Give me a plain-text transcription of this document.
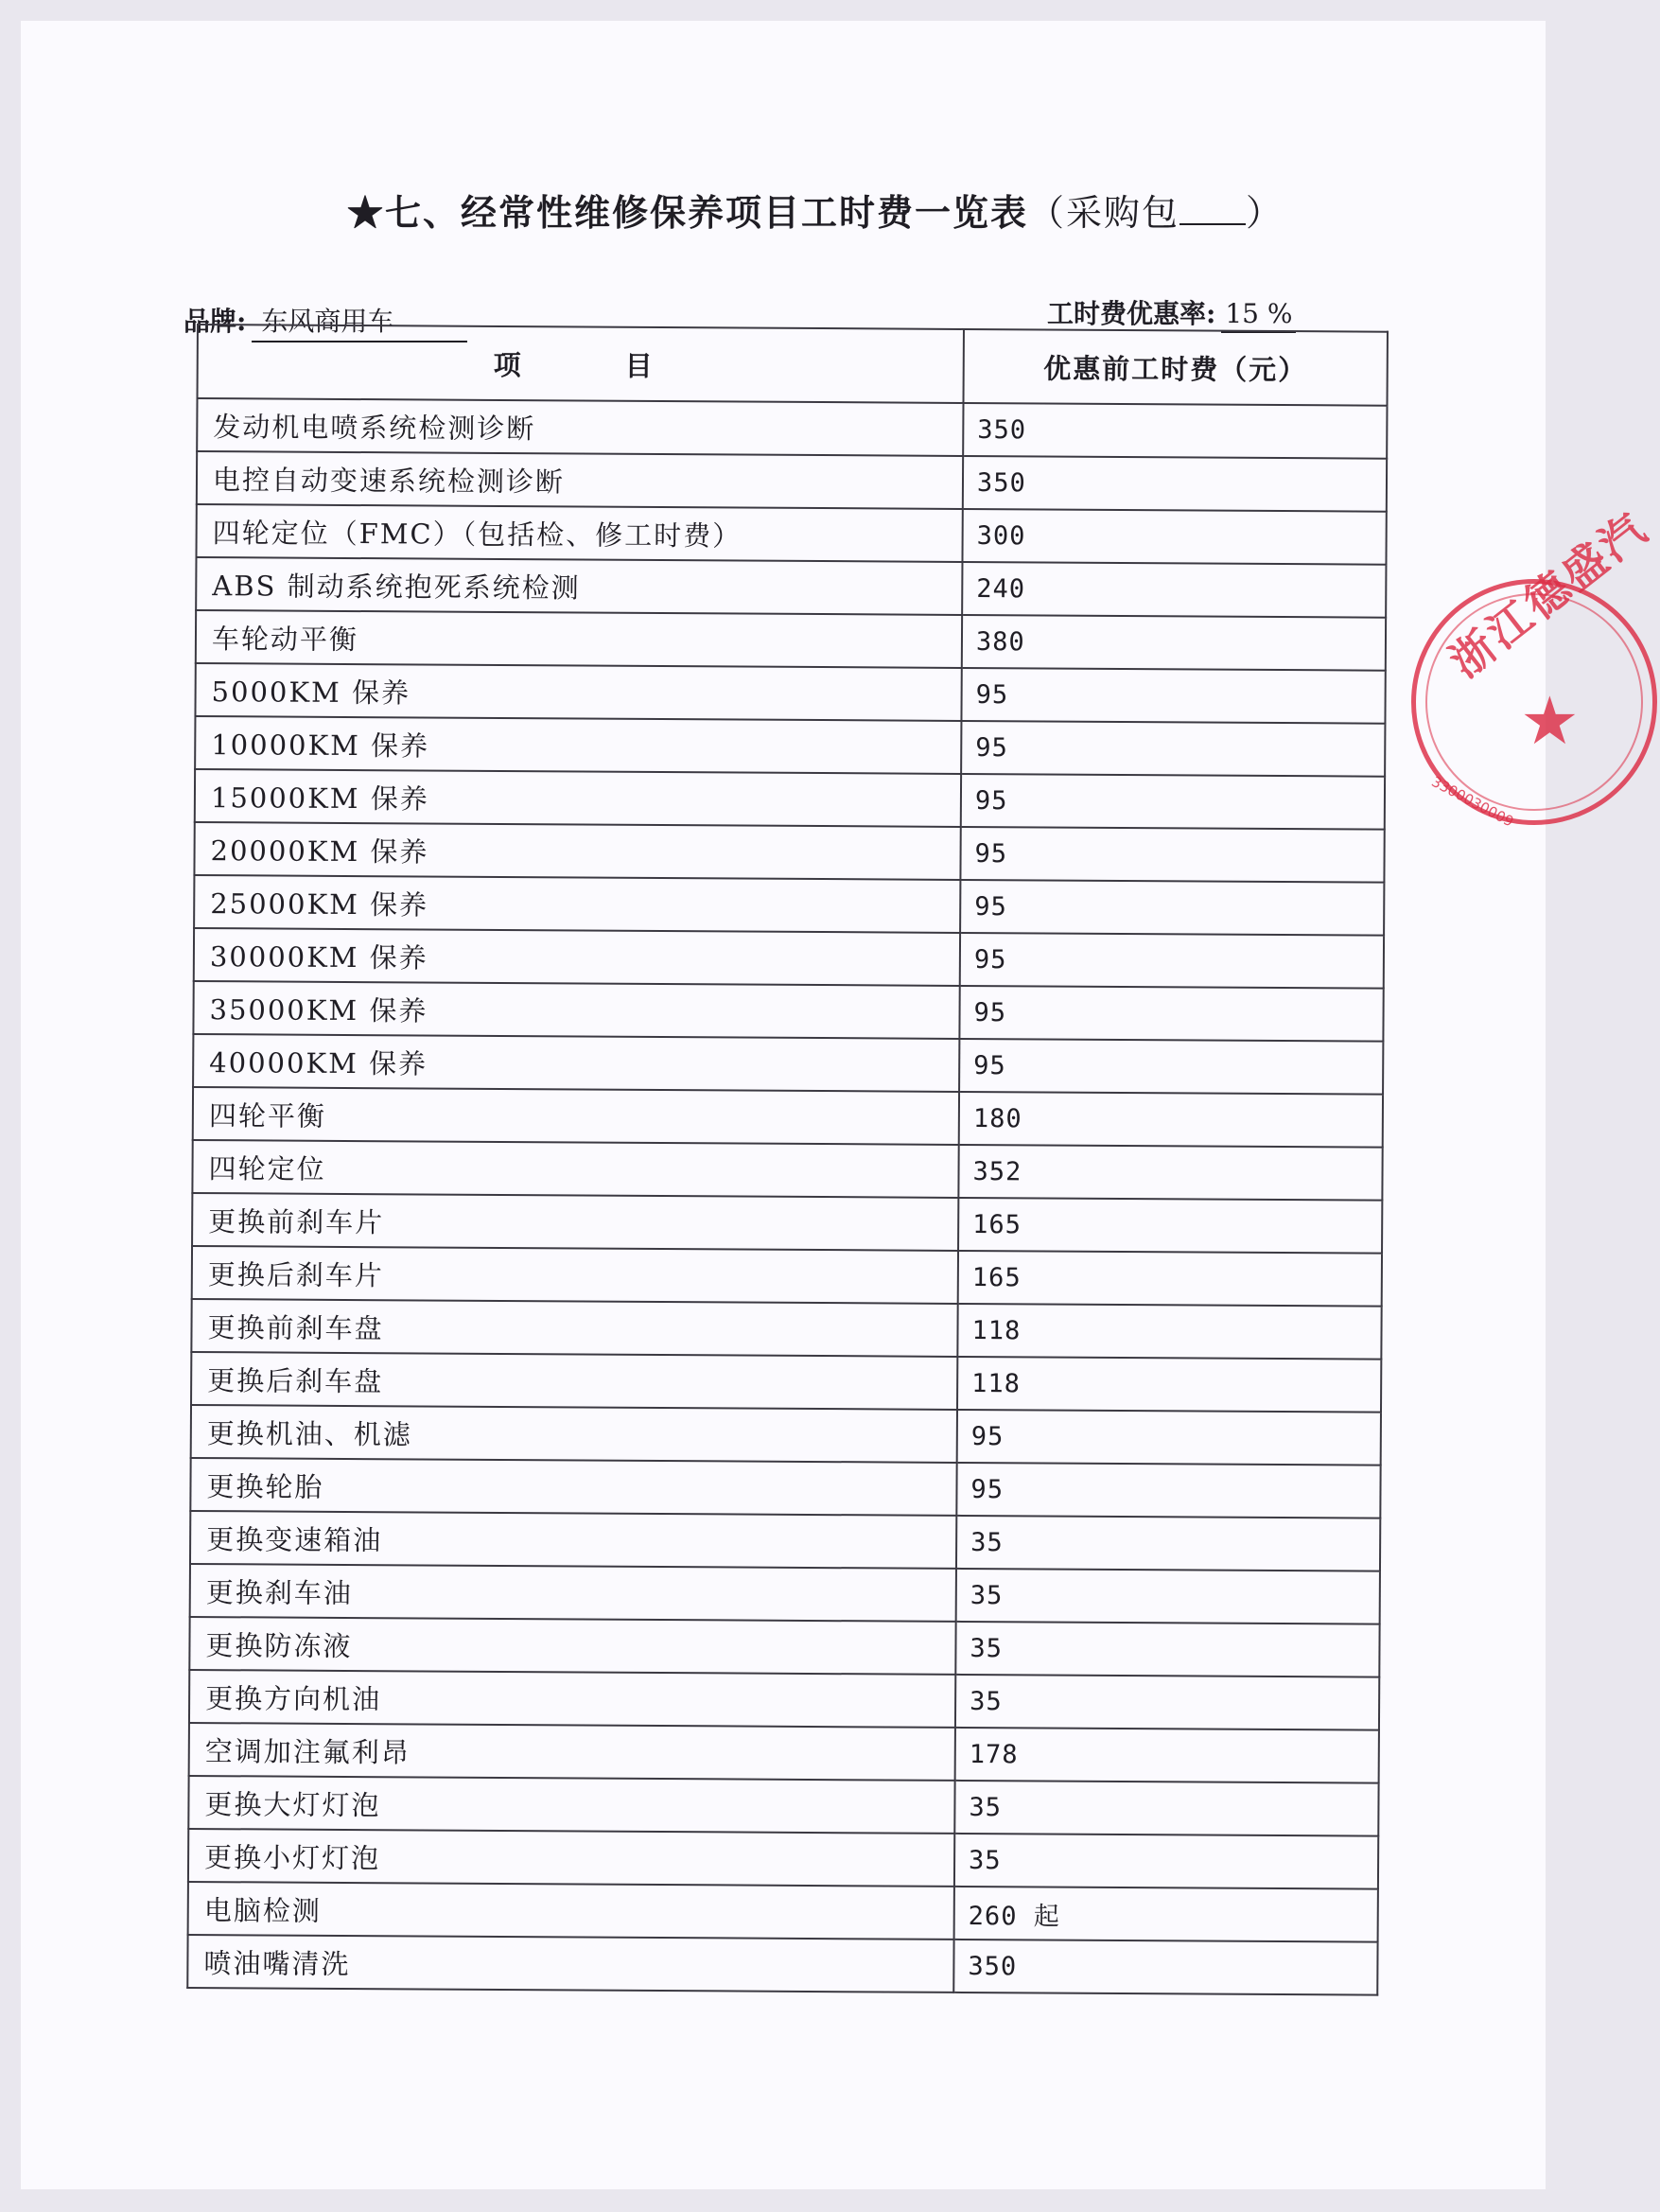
★七、经常性维修保养项目工时费一览表（采购包 ）
品牌: 东风商用车	工时费优惠率: 15 %
项目	优惠前工时费（元）
发动机电喷系统检测诊断	350
电控自动变速系统检测诊断	350
四轮定位（FMC）（包括检、修工时费）	300
ABS 制动系统抱死系统检测	240
车轮动平衡	380
5000KM 保养	95
10000KM 保养	95
15000KM 保养	95
20000KM 保养	95
25000KM 保养	95
30000KM 保养	95
35000KM 保养	95
40000KM 保养	95
四轮平衡	180
四轮定位	352
更换前刹车片	165
更换后刹车片	165
更换前刹车盘	118
更换后刹车盘	118
更换机油、机滤	95
更换轮胎	95
更换变速箱油	35
更换刹车油	35
更换防冻液	35
更换方向机油	35
空调加注氟利昂	178
更换大灯灯泡	35
更换小灯灯泡	35
电脑检测	260 起
喷油嘴清洗	350
浙江德盛汽
★
3300030009
